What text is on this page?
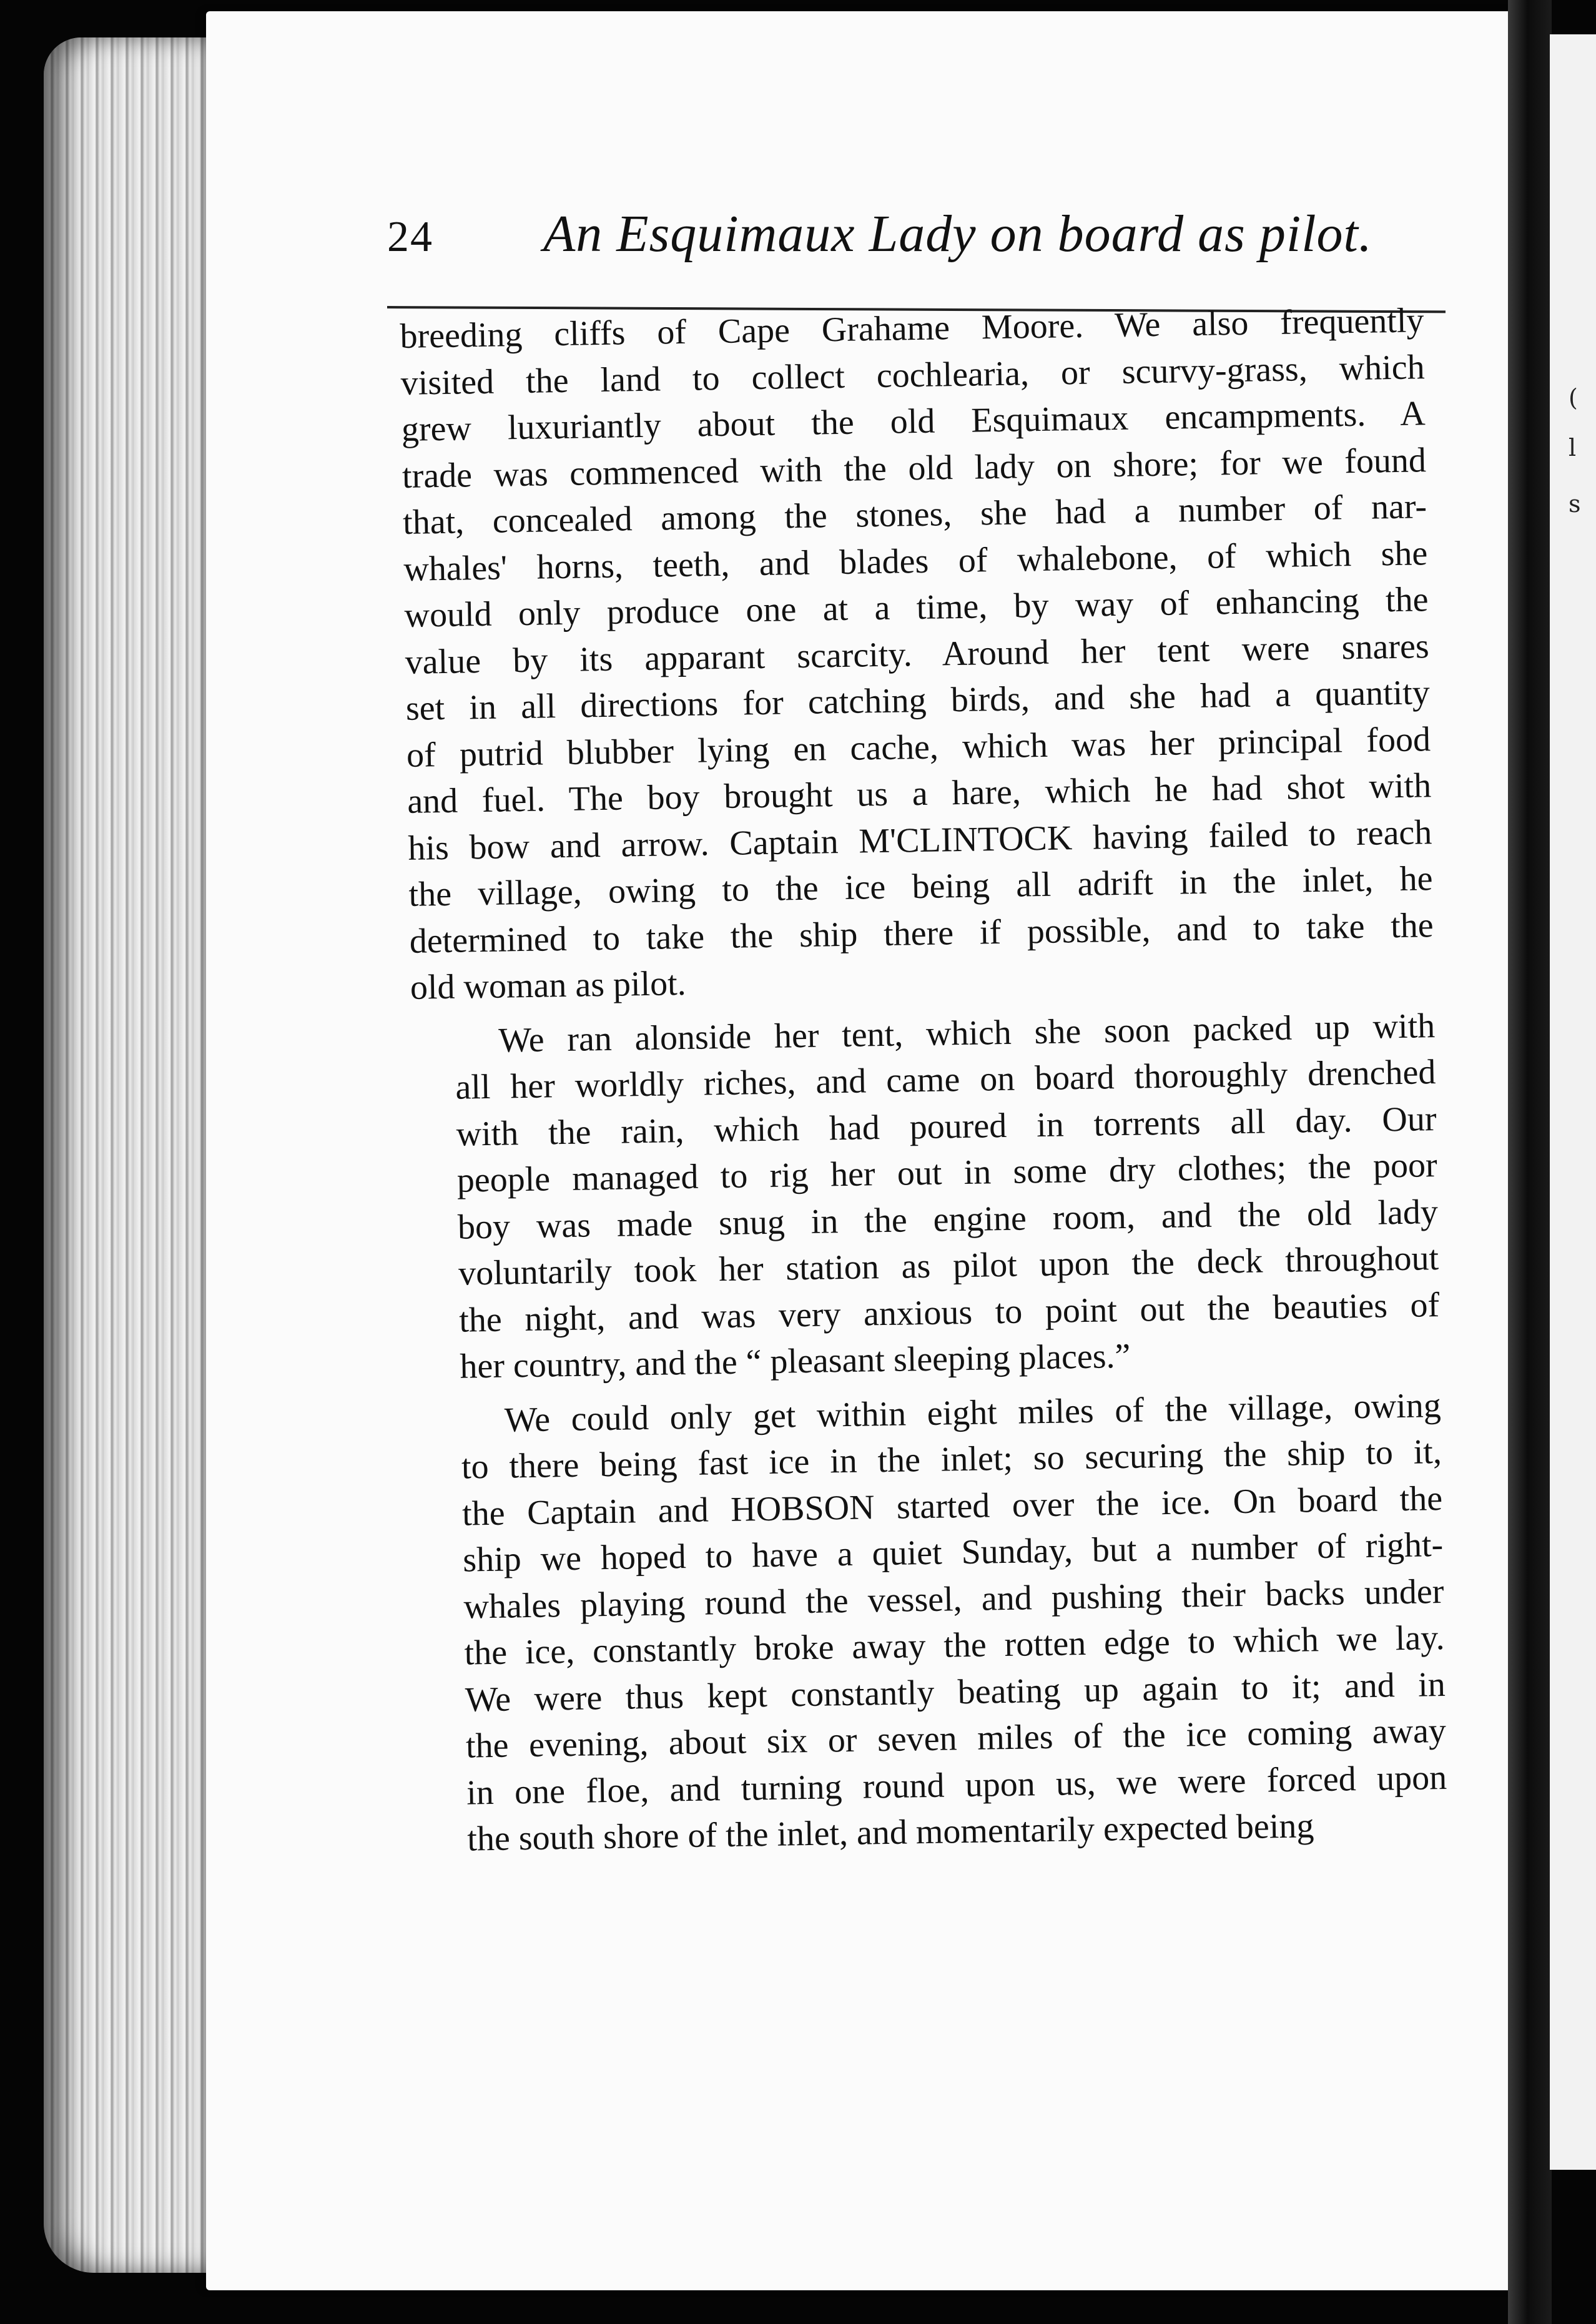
(
l
s
24 An Esquimaux Lady on board as pilot.
breeding cliffs of Cape Grahame Moore. We also frequently
visited the land to collect cochlearia, or scurvy-grass, which
grew luxuriantly about the old Esquimaux encampments. A
trade was commenced with the old lady on shore; for we found
that, concealed among the stones, she had a number of nar-
whales' horns, teeth, and blades of whalebone, of which she
would only produce one at a time, by way of enhancing the
value by its apparant scarcity. Around her tent were snares
set in all directions for catching birds, and she had a quantity
of putrid blubber lying en cache, which was her principal food
and fuel. The boy brought us a hare, which he had shot with
his bow and arrow. Captain M'CLINTOCK having failed to reach
the village, owing to the ice being all adrift in the inlet, he
determined to take the ship there if possible, and to take the
old woman as pilot.
We ran alonside her tent, which she soon packed up with
all her worldly riches, and came on board thoroughly drenched
with the rain, which had poured in torrents all day. Our
people managed to rig her out in some dry clothes; the poor
boy was made snug in the engine room, and the old lady
voluntarily took her station as pilot upon the deck throughout
the night, and was very anxious to point out the beauties of
her country, and the “ pleasant sleeping places.”
We could only get within eight miles of the village, owing
to there being fast ice in the inlet; so securing the ship to it,
the Captain and HOBSON started over the ice. On board the
ship we hoped to have a quiet Sunday, but a number of right-
whales playing round the vessel, and pushing their backs under
the ice, constantly broke away the rotten edge to which we lay.
We were thus kept constantly beating up again to it; and in
the evening, about six or seven miles of the ice coming away
in one floe, and turning round upon us, we were forced upon
the south shore of the inlet, and momentarily expected being
